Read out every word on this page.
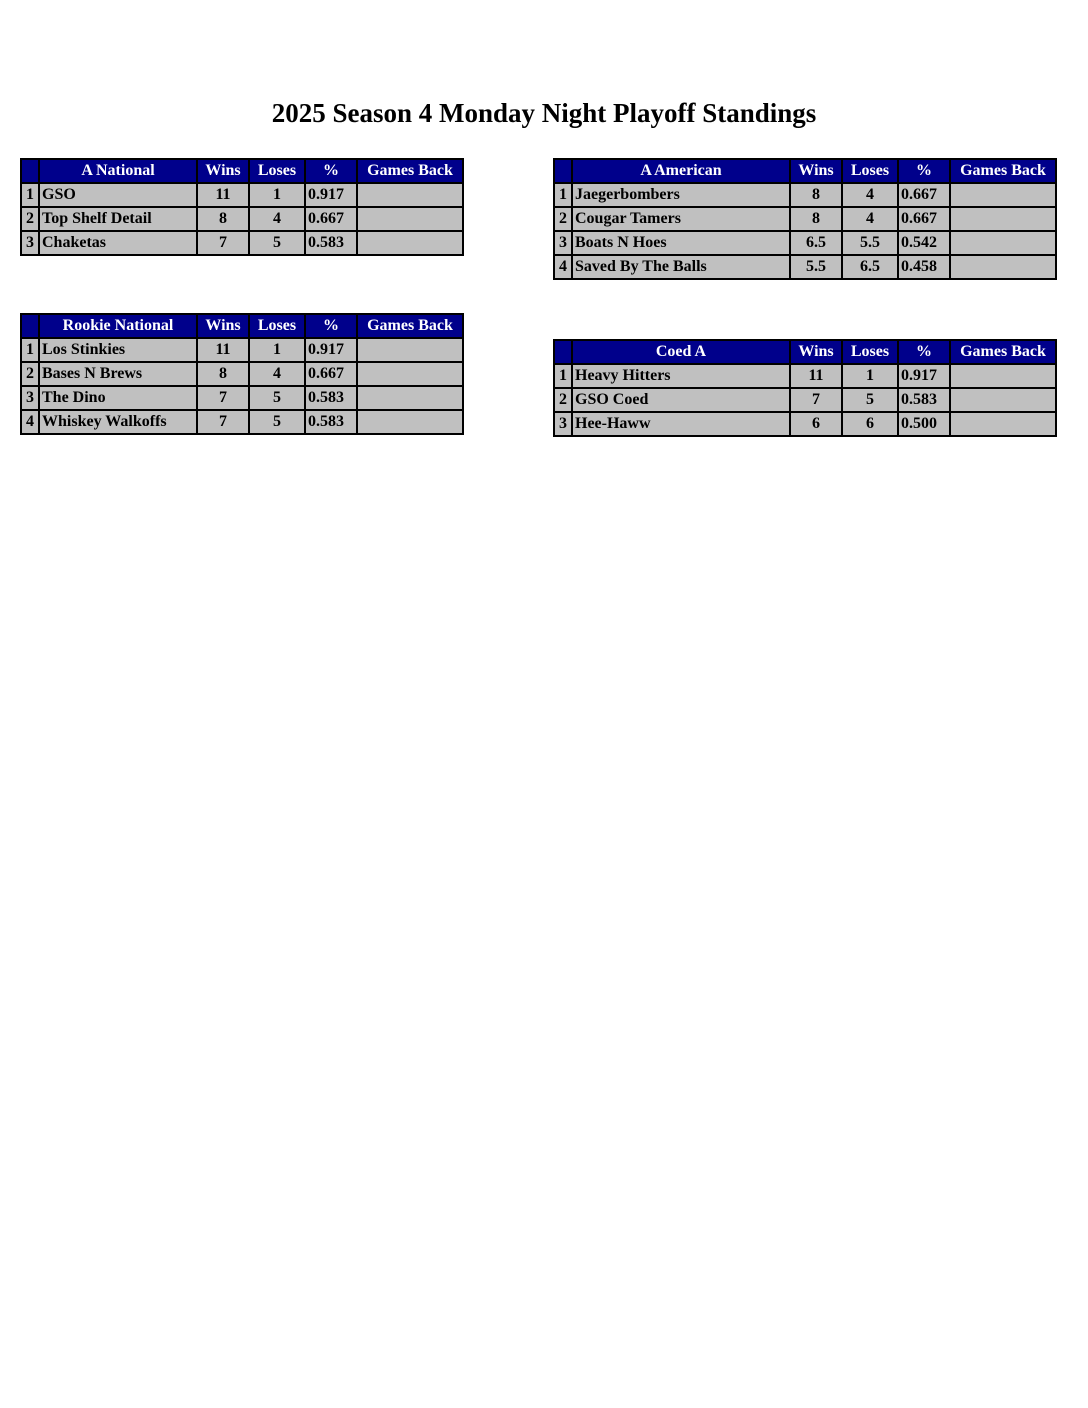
2025 Season 4 Monday Night Playoff Standings
	A National	Wins	Loses	%	Games Back
1	GSO	11	1	0.917	
2	Top Shelf Detail	8	4	0.667	
3	Chaketas	7	5	0.583	
	Rookie National	Wins	Loses	%	Games Back
1	Los Stinkies	11	1	0.917	
2	Bases N Brews	8	4	0.667	
3	The Dino	7	5	0.583	
4	Whiskey Walkoffs	7	5	0.583	
	A American	Wins	Loses	%	Games Back
1	Jaegerbombers	8	4	0.667	
2	Cougar Tamers	8	4	0.667	
3	Boats N Hoes	6.5	5.5	0.542	
4	Saved By The Balls	5.5	6.5	0.458	
	Coed A	Wins	Loses	%	Games Back
1	Heavy Hitters	11	1	0.917	
2	GSO Coed	7	5	0.583	
3	Hee-Haww	6	6	0.500	
